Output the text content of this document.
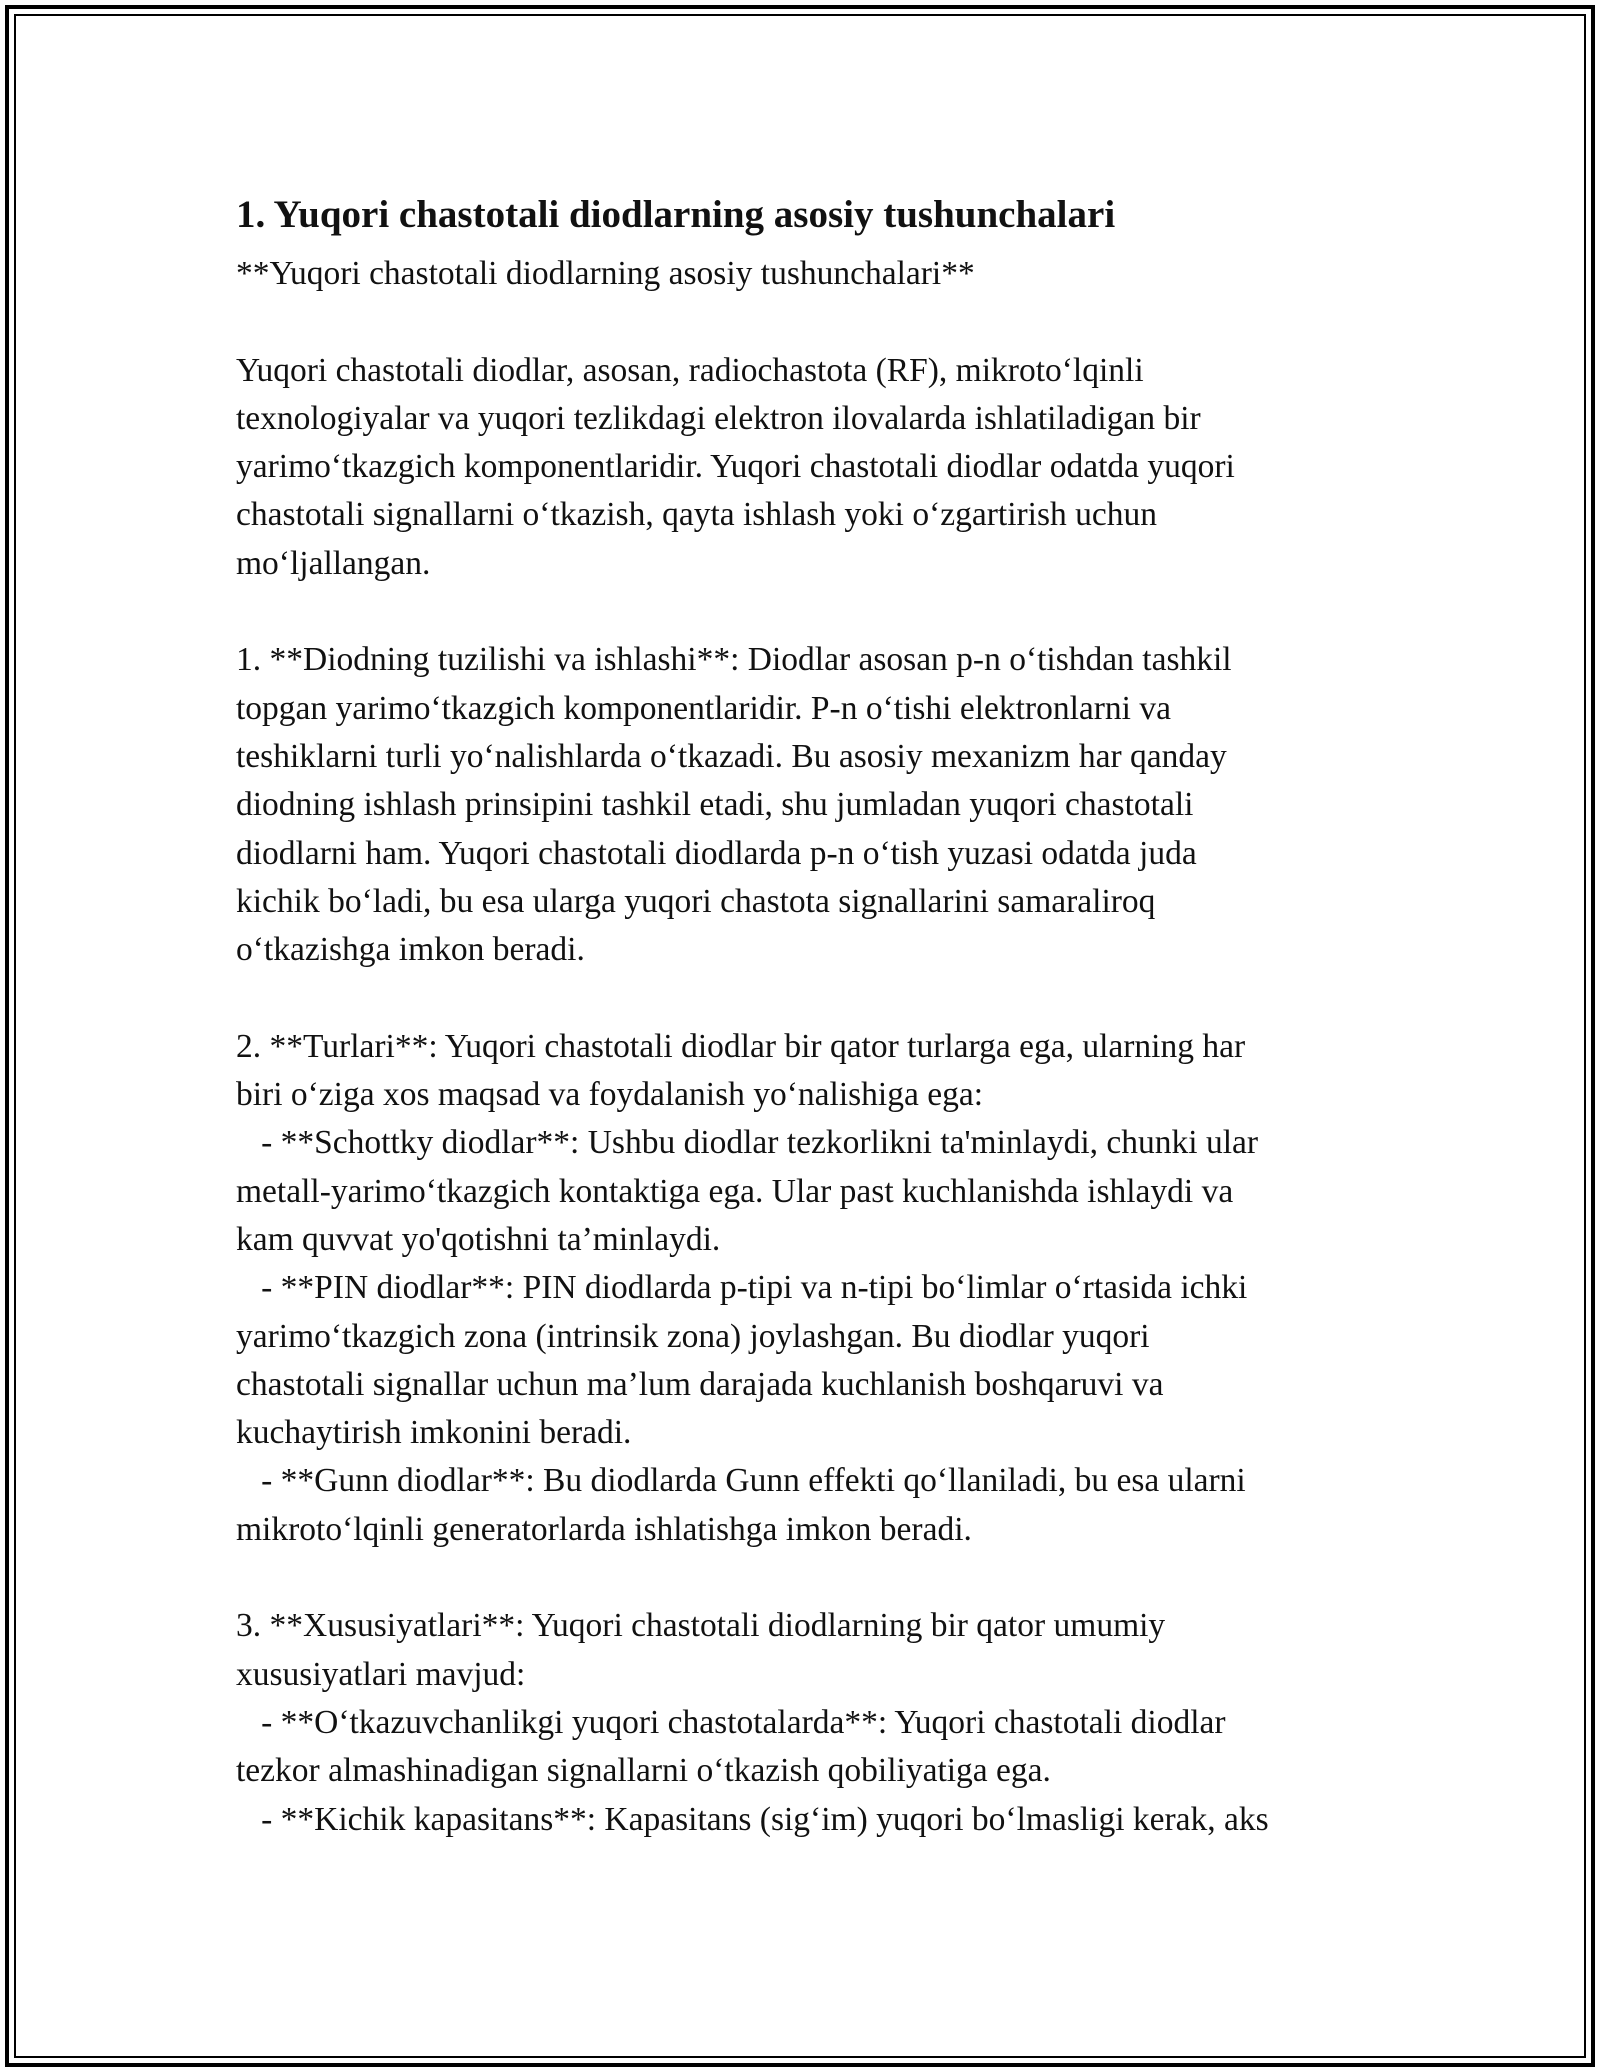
1. Yuqori chastotali diodlarning asosiy tushunchalari

**Yuqori chastotali diodlarning asosiy tushunchalari**

Yuqori chastotali diodlar, asosan, radiochastota (RF), mikroto‘lqinli

texnologiyalar va yuqori tezlikdagi elektron ilovalarda ishlatiladigan bir

yarimo‘tkazgich komponentlaridir. Yuqori chastotali diodlar odatda yuqori

chastotali signallarni o‘tkazish, qayta ishlash yoki o‘zgartirish uchun

mo‘ljallangan.

1. **Diodning tuzilishi va ishlashi**: Diodlar asosan p-n o‘tishdan tashkil

topgan yarimo‘tkazgich komponentlaridir. P-n o‘tishi elektronlarni va

teshiklarni turli yo‘nalishlarda o‘tkazadi. Bu asosiy mexanizm har qanday

diodning ishlash prinsipini tashkil etadi, shu jumladan yuqori chastotali

diodlarni ham. Yuqori chastotali diodlarda p-n o‘tish yuzasi odatda juda

kichik bo‘ladi, bu esa ularga yuqori chastota signallarini samaraliroq

o‘tkazishga imkon beradi.

2. **Turlari**: Yuqori chastotali diodlar bir qator turlarga ega, ularning har

biri o‘ziga xos maqsad va foydalanish yo‘nalishiga ega:

- **Schottky diodlar**: Ushbu diodlar tezkorlikni ta'minlaydi, chunki ular

metall-yarimo‘tkazgich kontaktiga ega. Ular past kuchlanishda ishlaydi va

kam quvvat yo'qotishni ta’minlaydi.

- **PIN diodlar**: PIN diodlarda p-tipi va n-tipi bo‘limlar o‘rtasida ichki

yarimo‘tkazgich zona (intrinsik zona) joylashgan. Bu diodlar yuqori

chastotali signallar uchun ma’lum darajada kuchlanish boshqaruvi va

kuchaytirish imkonini beradi.

- **Gunn diodlar**: Bu diodlarda Gunn effekti qo‘llaniladi, bu esa ularni

mikroto‘lqinli generatorlarda ishlatishga imkon beradi.

3. **Xususiyatlari**: Yuqori chastotali diodlarning bir qator umumiy

xususiyatlari mavjud:

- **O‘tkazuvchanlikgi yuqori chastotalarda**: Yuqori chastotali diodlar

tezkor almashinadigan signallarni o‘tkazish qobiliyatiga ega.

- **Kichik kapasitans**: Kapasitans (sig‘im) yuqori bo‘lmasligi kerak, aks
